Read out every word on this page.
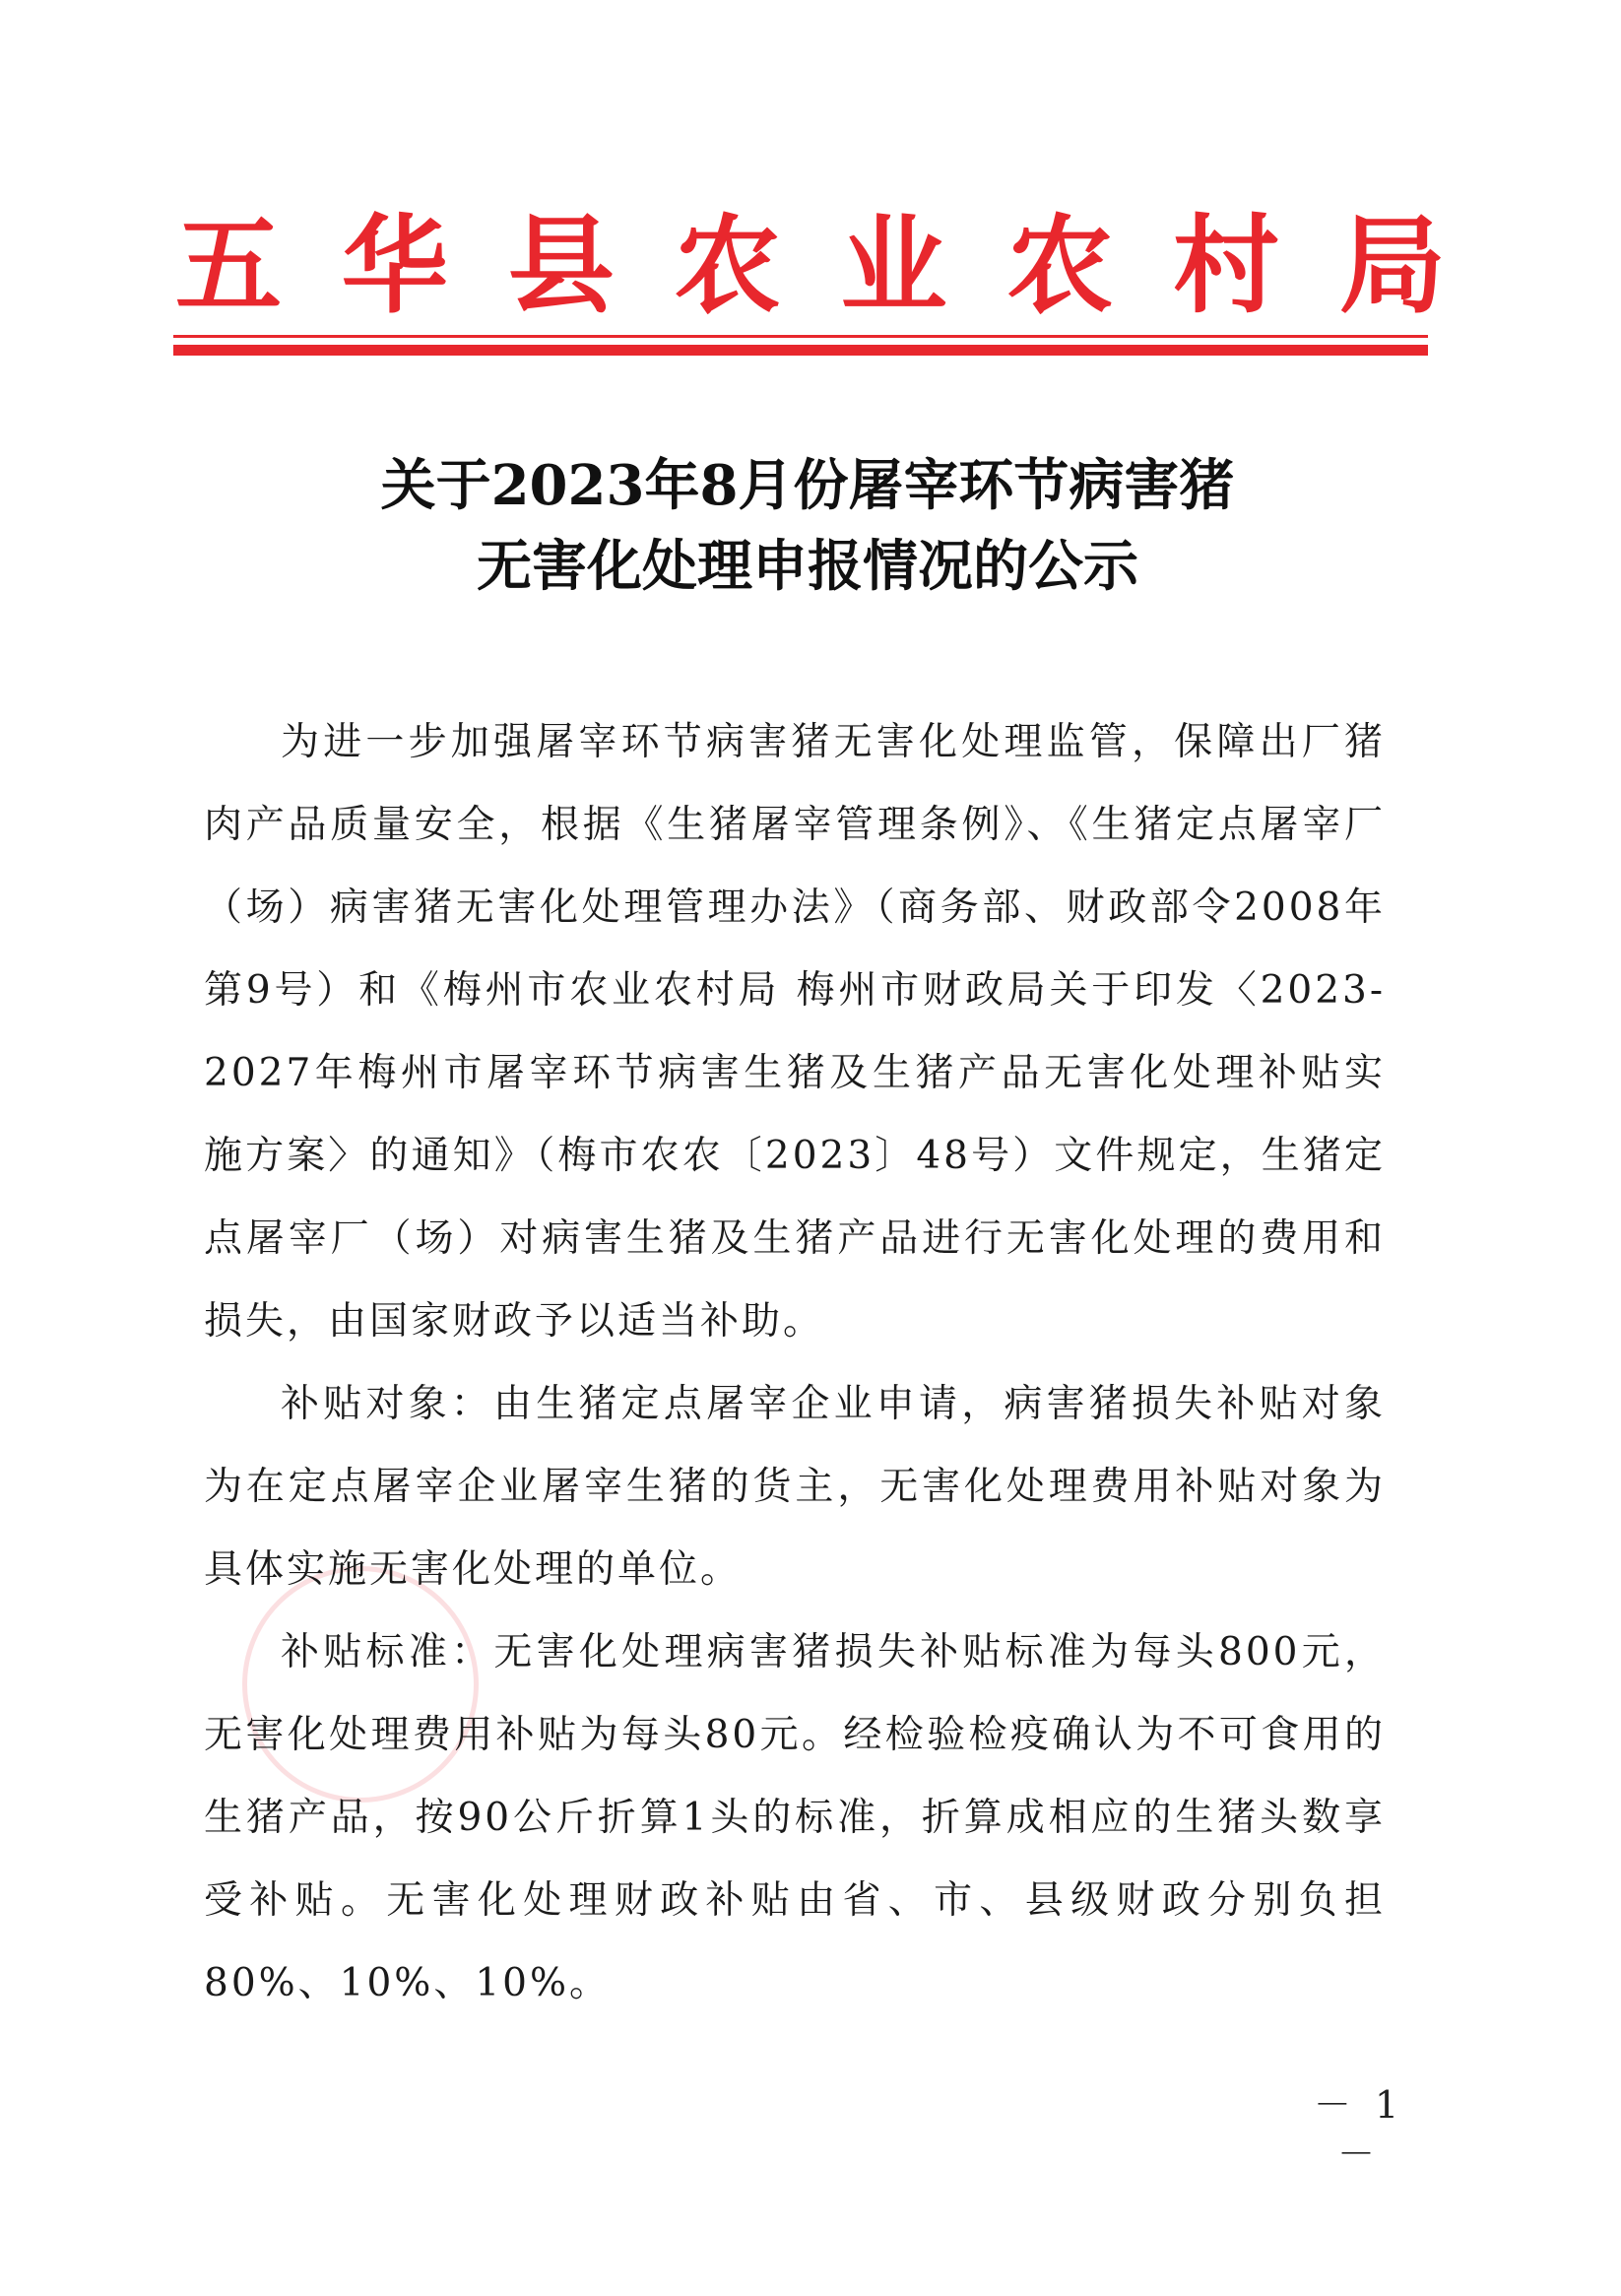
五 华 县 农 业 农 村 局
关于2023年8月份屠宰环节病害猪
无害化处理申报情况的公示

为进一步加强屠宰环节病害猪无害化处理监管，保障出厂猪肉产品质量安全，根据《生猪屠宰管理条例》、《生猪定点屠宰厂（场）病害猪无害化处理管理办法》（商务部、财政部令2008年第9号）和《梅州市农业农村局 梅州市财政局关于印发〈2023-2027年梅州市屠宰环节病害生猪及生猪产品无害化处理补贴实施方案〉的通知》（梅市农农〔2023〕48号）文件规定，生猪定点屠宰厂（场）对病害生猪及生猪产品进行无害化处理的费用和损失，由国家财政予以适当补助。

补贴对象：由生猪定点屠宰企业申请，病害猪损失补贴对象为在定点屠宰企业屠宰生猪的货主，无害化处理费用补贴对象为具体实施无害化处理的单位。

补贴标准：无害化处理病害猪损失补贴标准为每头800元，无害化处理费用补贴为每头80元。经检验检疫确认为不可食用的生猪产品，按90公斤折算1头的标准，折算成相应的生猪头数享受补贴。无害化处理财政补贴由省、市、县级财政分别负担80%、10%、10%。

－ 1 －
